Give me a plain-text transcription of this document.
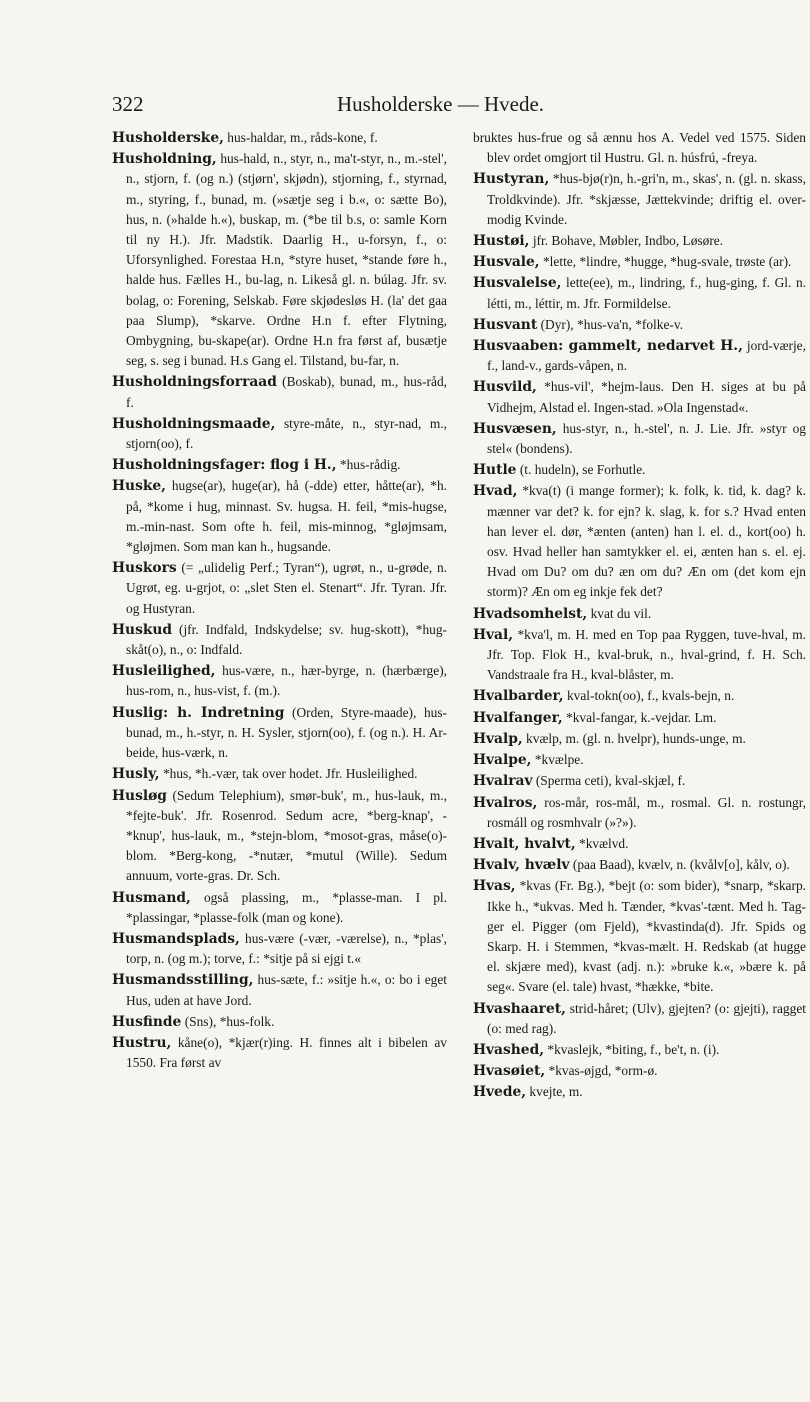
322	Husholderske — Hvede.

Husholderske, hus-haldar, m., råds-kone, f.

Husholdning, hus-hald, n., styr, n., ma't-styr, n., m.-stel', n., stjorn, f. (og n.) (stjørn', skjødn), stjorning, f., styrnad, m., styring, f., bunad, m. (»sætje seg i b.«, o: sætte Bo), hus, n. (»halde h.«), buskap, m. (*be til b.s, o: samle Korn til ny H.). Jfr. Madstik. Daarlig H., u-forsyn, f., o: Uforsynlighed. Forestaa H.n, *styre huset, *stande føre h., halde hus. Fælles H., bu-lag, n. Likeså gl. n. búlag. Jfr. sv. bolag, o: Forening, Selskab. Føre skjødesløs H. (la' det gaa paa Slump), *skarve. Ordne H.n f. efter Flytning, Ombygning, bu-skape(ar). Ordne H.n fra først af, busætje seg, s. seg i bunad. H.s Gang el. Tilstand, bu-far, n.

Husholdningsforraad (Boskab), bunad, m., hus-råd, f.

Husholdningsmaade, styre-måte, n., styr-nad, m., stjorn(oo), f.

Husholdningsfager: flog i H., *hus-rådig.

Huske, hugse(ar), huge(ar), hå (-dde) etter, håtte(ar), *h. på, *kome i hug, minnast. Sv. hugsa. H. feil, *mis-hugse, m.-min-nast. Som ofte h. feil, mis-minnog, *gløjmsam, *gløjmen. Som man kan h., hugsande.

Huskors (= „ulidelig Perf.; Tyran“), ugrøt, n., u-grøde, n. Ugrøt, eg. u-grjot, o: „slet Sten el. Stenart“. Jfr. Tyran. Jfr. og Hustyran.

Huskud (jfr. Indfald, Indskydelse; sv. hug-skott), *hug-skåt(o), n., o: Indfald.

Husleilighed, hus-være, n., hær-byrge, n. (hærbærge), hus-rom, n., hus-vist, f. (m.).

Huslig: h. Indretning (Orden, Styre-maade), hus-bunad, m., h.-styr, n. H. Sysler, stjorn(oo), f. (og n.). H. Ar-beide, hus-værk, n.

Husly, *hus, *h.-vær, tak over hodet. Jfr. Husleilighed.

Husløg (Sedum Telephium), smør-buk', m., hus-lauk, m., *fejte-buk'. Jfr. Rosenrod. Sedum acre, *berg-knap', -*knup', hus-lauk, m., *stejn-blom, *mosot-gras, måse(o)-blom. *Berg-kong, -*nutær, *mutul (Wille). Sedum annuum, vorte-gras. Dr. Sch.

Husmand, også plassing, m., *plasse-man. I pl. *plassingar, *plasse-folk (man og kone).

Husmandsplads, hus-være (-vær, -værelse), n., *plas', torp, n. (og m.); torve, f.: *sitje på si ejgi t.«

Husmandsstilling, hus-sæte, f.: »sitje h.«, o: bo i eget Hus, uden at have Jord.

Husfinde (Sns), *hus-folk.

Hustru, kåne(o), *kjær(r)ing. H. finnes alt i bibelen av 1550. Fra først av

bruktes hus-frue og så ænnu hos A. Vedel ved 1575. Siden blev ordet omgjort til Hustru. Gl. n. húsfrú, -freya.

Hustyran, *hus-bjø(r)n, h.-gri'n, m., skas', n. (gl. n. skass, Troldkvinde). Jfr. *skjæsse, Jættekvinde; driftig el. over-modig Kvinde.

Hustøi, jfr. Bohave, Møbler, Indbo, Løsøre.

Husvale, *lette, *lindre, *hugge, *hug-svale, trøste (ar).

Husvalelse, lette(ee), m., lindring, f., hug-ging, f. Gl. n. létti, m., léttir, m. Jfr. Formildelse.

Husvant (Dyr), *hus-va'n, *folke-v.

Husvaaben: gammelt, nedarvet H., jord-værje, f., land-v., gards-våpen, n.

Husvild, *hus-vil', *hejm-laus. Den H. siges at bu på Vidhejm, Alstad el. Ingen-stad. »Ola Ingenstad«.

Husvæsen, hus-styr, n., h.-stel', n. J. Lie. Jfr. »styr og stel« (bondens).

Hutle (t. hudeln), se Forhutle.

Hvad, *kva(t) (i mange former); k. folk, k. tid, k. dag? k. mænner var det? k. for ejn? k. slag, k. for s.? Hvad enten han lever el. dør, *ænten (anten) han l. el. d., kort(oo) h. osv. Hvad heller han samtykker el. ei, ænten han s. el. ej. Hvad om Du? om du? æn om du? Æn om (det kom ejn storm)? Æn om eg inkje fek det?

Hvadsomhelst, kvat du vil.

Hval, *kva'l, m. H. med en Top paa Ryggen, tuve-hval, m. Jfr. Top. Flok H., kval-bruk, n., hval-grind, f. H. Sch. Vandstraale fra H., kval-blåster, m.

Hvalbarder, kval-tokn(oo), f., kvals-bejn, n.

Hvalfanger, *kval-fangar, k.-vejdar. Lm.

Hvalp, kvælp, m. (gl. n. hvelpr), hunds-unge, m.

Hvalpe, *kvælpe.

Hvalrav (Sperma ceti), kval-skjæl, f.

Hvalros, ros-mår, ros-mål, m., rosmal. Gl. n. rostungr, rosmáll og rosmhvalr (»?»).

Hvalt, hvalvt, *kvælvd.

Hvalv, hvælv (paa Baad), kvælv, n. (kvålv[o], kålv, o).

Hvas, *kvas (Fr. Bg.), *bejt (o: som bider), *snarp, *skarp. Ikke h., *ukvas. Med h. Tænder, *kvas'-tænt. Med h. Tag-ger el. Pigger (om Fjeld), *kvastinda(d). Jfr. Spids og Skarp. H. i Stemmen, *kvas-mælt. H. Redskab (at hugge el. skjære med), kvast (adj. n.): »bruke k.«, »bære k. på seg«. Svare (el. tale) hvast, *hække, *bite.

Hvashaaret, strid-håret; (Ulv), gjejten? (o: gjejti), ragget (o: med rag).

Hvashed, *kvaslejk, *biting, f., be't, n. (i).

Hvasøiet, *kvas-øjgd, *orm-ø.

Hvede, kvejte, m.
